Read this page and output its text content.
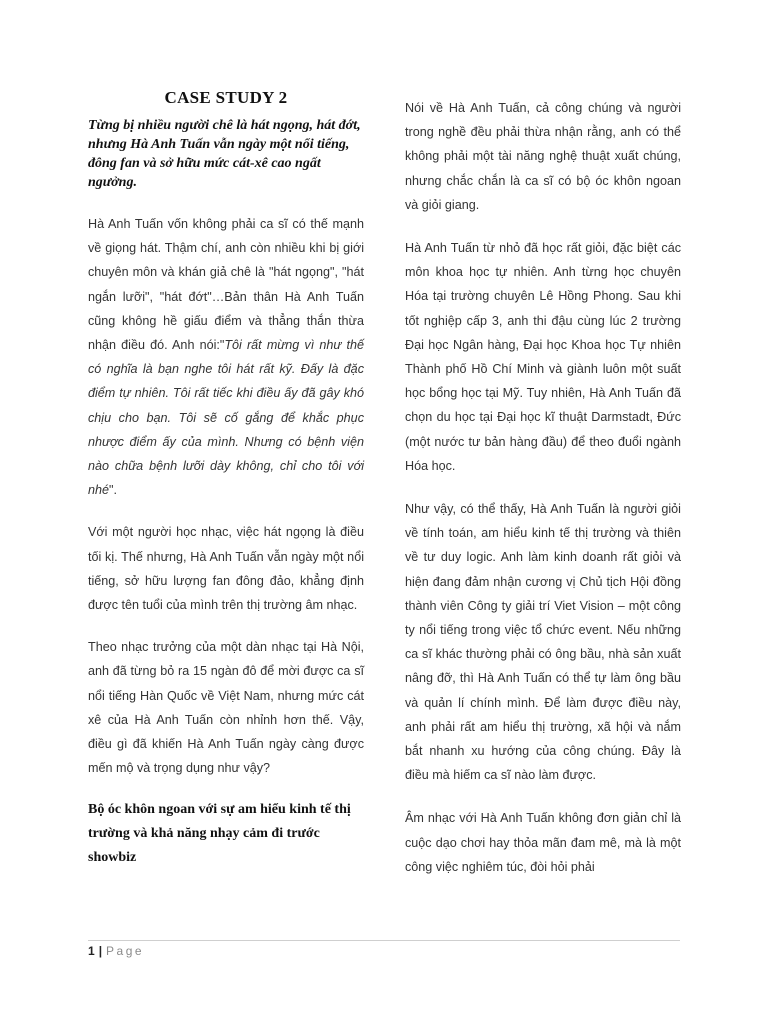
CASE STUDY 2
Từng bị nhiều người chê là hát ngọng, hát đớt, nhưng Hà Anh Tuấn vẫn ngày một nổi tiếng, đông fan và sở hữu mức cát-xê cao ngất ngưởng.

Hà Anh Tuấn vốn không phải ca sĩ có thế mạnh về giọng hát. Thậm chí, anh còn nhiều khi bị giới chuyên môn và khán giả chê là "hát ngọng", "hát ngắn lưỡi", "hát đớt"…Bản thân Hà Anh Tuấn cũng không hề giấu điểm và thẳng thắn thừa nhận điều đó. Anh nói:"Tôi rất mừng vì như thế có nghĩa là bạn nghe tôi hát rất kỹ. Đấy là đặc điểm tự nhiên. Tôi rất tiếc khi điều ấy đã gây khó chịu cho bạn. Tôi sẽ cố gắng để khắc phục nhược điểm ấy của mình. Nhưng có bệnh viện nào chữa bệnh lưỡi dày không, chỉ cho tôi với nhé".

Với một người học nhạc, việc hát ngọng là điều tối kị. Thế nhưng, Hà Anh Tuấn vẫn ngày một nổi tiếng, sở hữu lượng fan đông đảo, khẳng định được tên tuổi của mình trên thị trường âm nhạc.

Theo nhạc trưởng của một dàn nhạc tại Hà Nội, anh đã từng bỏ ra 15 ngàn đô để mời được ca sĩ nổi tiếng Hàn Quốc về Việt Nam, nhưng mức cát xê của Hà Anh Tuấn còn nhỉnh hơn thế. Vậy, điều gì đã khiến Hà Anh Tuấn ngày càng được mến mộ và trọng dụng như vậy?

Bộ óc khôn ngoan với sự am hiểu kinh tế thị trường và khả năng nhạy cảm đi trước showbiz

Nói về Hà Anh Tuấn, cả công chúng và người trong nghề đều phải thừa nhận rằng, anh có thể không phải một tài năng nghệ thuật xuất chúng, nhưng chắc chắn là ca sĩ có bộ óc khôn ngoan và giỏi giang.

Hà Anh Tuấn từ nhỏ đã học rất giỏi, đặc biệt các môn khoa học tự nhiên. Anh từng học chuyên Hóa tại trường chuyên Lê Hồng Phong. Sau khi tốt nghiệp cấp 3, anh thi đậu cùng lúc 2 trường Đại học Ngân hàng, Đại học Khoa học Tự nhiên Thành phố Hồ Chí Minh và giành luôn một suất học bổng học tại Mỹ. Tuy nhiên, Hà Anh Tuấn đã chọn du học tại Đại học kĩ thuật Darmstadt, Đức (một nước tư bản hàng đầu) để theo đuổi ngành Hóa học.

Như vậy, có thể thấy, Hà Anh Tuấn là người giỏi về tính toán, am hiểu kinh tế thị trường và thiên về tư duy logic. Anh làm kinh doanh rất giỏi và hiện đang đảm nhận cương vị Chủ tịch Hội đồng thành viên Công ty giải trí Viet Vision – một công ty nổi tiếng trong việc tổ chức event. Nếu những ca sĩ khác thường phải có ông bầu, nhà sản xuất nâng đỡ, thì Hà Anh Tuấn có thể tự làm ông bầu và quản lí chính mình. Để làm được điều này, anh phải rất am hiểu thị trường, xã hội và nắm bắt nhanh xu hướng của công chúng. Đây là điều mà hiếm ca sĩ nào làm được.

Âm nhạc với Hà Anh Tuấn không đơn giản chỉ là cuộc dạo chơi hay thỏa mãn đam mê, mà là một công việc nghiêm túc, đòi hỏi phải

1 | Page
